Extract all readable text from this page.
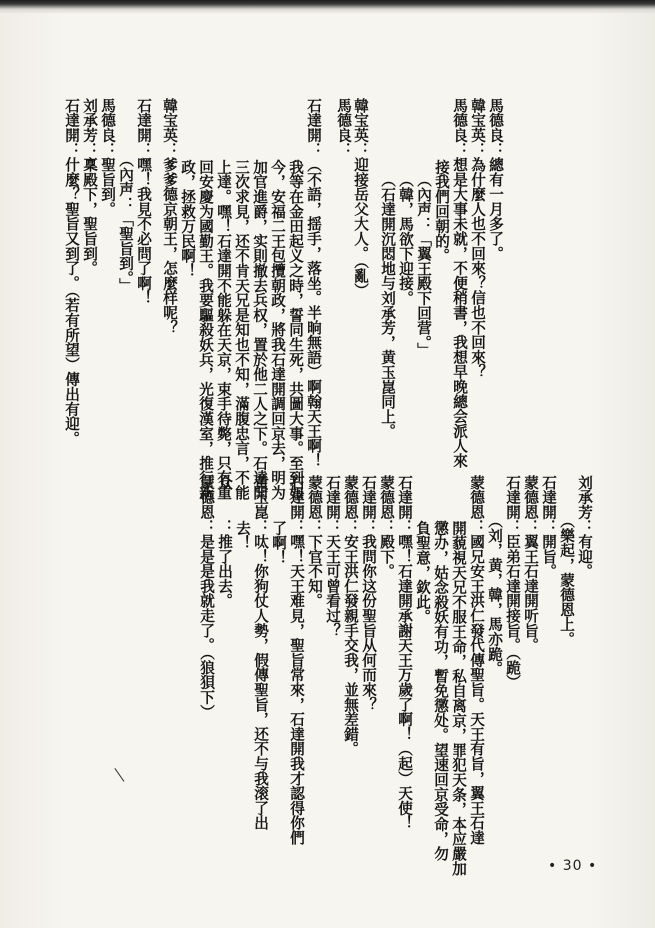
馬德良：總有一月多了。
韓宝英：為什麼人也不回來？信也不回來？
馬德良：想是大事未就，不便稍書，我想早晚總会派人來
　　接我們回朝的。
　　（內声：「翼王殿下回营。」
　　（韓，馬欲下迎接。
　　（石達開沉悶地与刘承芳，黄玉崑同上。
韓宝英：迎接岳父大人。（亂）
馬德良：
石達開：（不語，揺手，落坐。半晌無語）啊翰天王啊！
　　我等在金田起义之時，誓同生死，共圖大事。至到如
　　今，安福二王包攬朝政，將我石達開調回京去，明为
　　加官進爵，实則撤去兵权，置於他二人之下。石達開
　　三次求見，还不肯天兄是知也不知，滿腹忠言，不能
　　上達。嘿！石達開不能躲在天京，束手待斃，只有重
　　回安慶为國勤王。我要驅殺妖兵，光復漢室，推行新
　　政，拯救万民啊！
韓宝英：爹爹德京朝王，怎麼样呢？
石達開：嘿！我見不必問了啊！
　　（內声：「聖旨到。」
馬德良：聖旨到。
刘承芳：稟殿下，聖旨到。
石達開：什麼？聖旨又到了。（若有所望）傳出有迎。
刘承芳：有迎。
　　（樂起，蒙德恩上。
石達開：開旨。
蒙德恩：翼王石達開听旨。
石達開：臣弟石達開接旨。（跪）
　　（刘，黄，韓，馬亦跪。
蒙德恩：國兄安王洪仁發代傳聖旨。天王有旨，翼王石達
　　開藐視天兄不服王命，私自离京，罪犯天条，本应嚴加
　　懲办，姑念殺妖有功，暫免懲处。望速回京受命，勿
　　負聖意，欽此。
石達開：嘿！石達開承謝天王万歲了啊！（起）天使！
蒙德恩：殿下。
石達開：我問你这份聖旨从何而來？
蒙德恩：安王洪仁發親手交我，並無差錯。
石達開：天王可曾看过？
蒙德恩：下官不知。
石達開：嘿！天王难見，聖旨常來，石達開我才認得你們
　　了啊！
黄玉崑：呔！你狗仗人勢，假傳聖旨，还不与我滚了出
　　去！
众　　：推了出去。
蒙德恩：是是是我就走了。（狼狽下）
• 30 •
